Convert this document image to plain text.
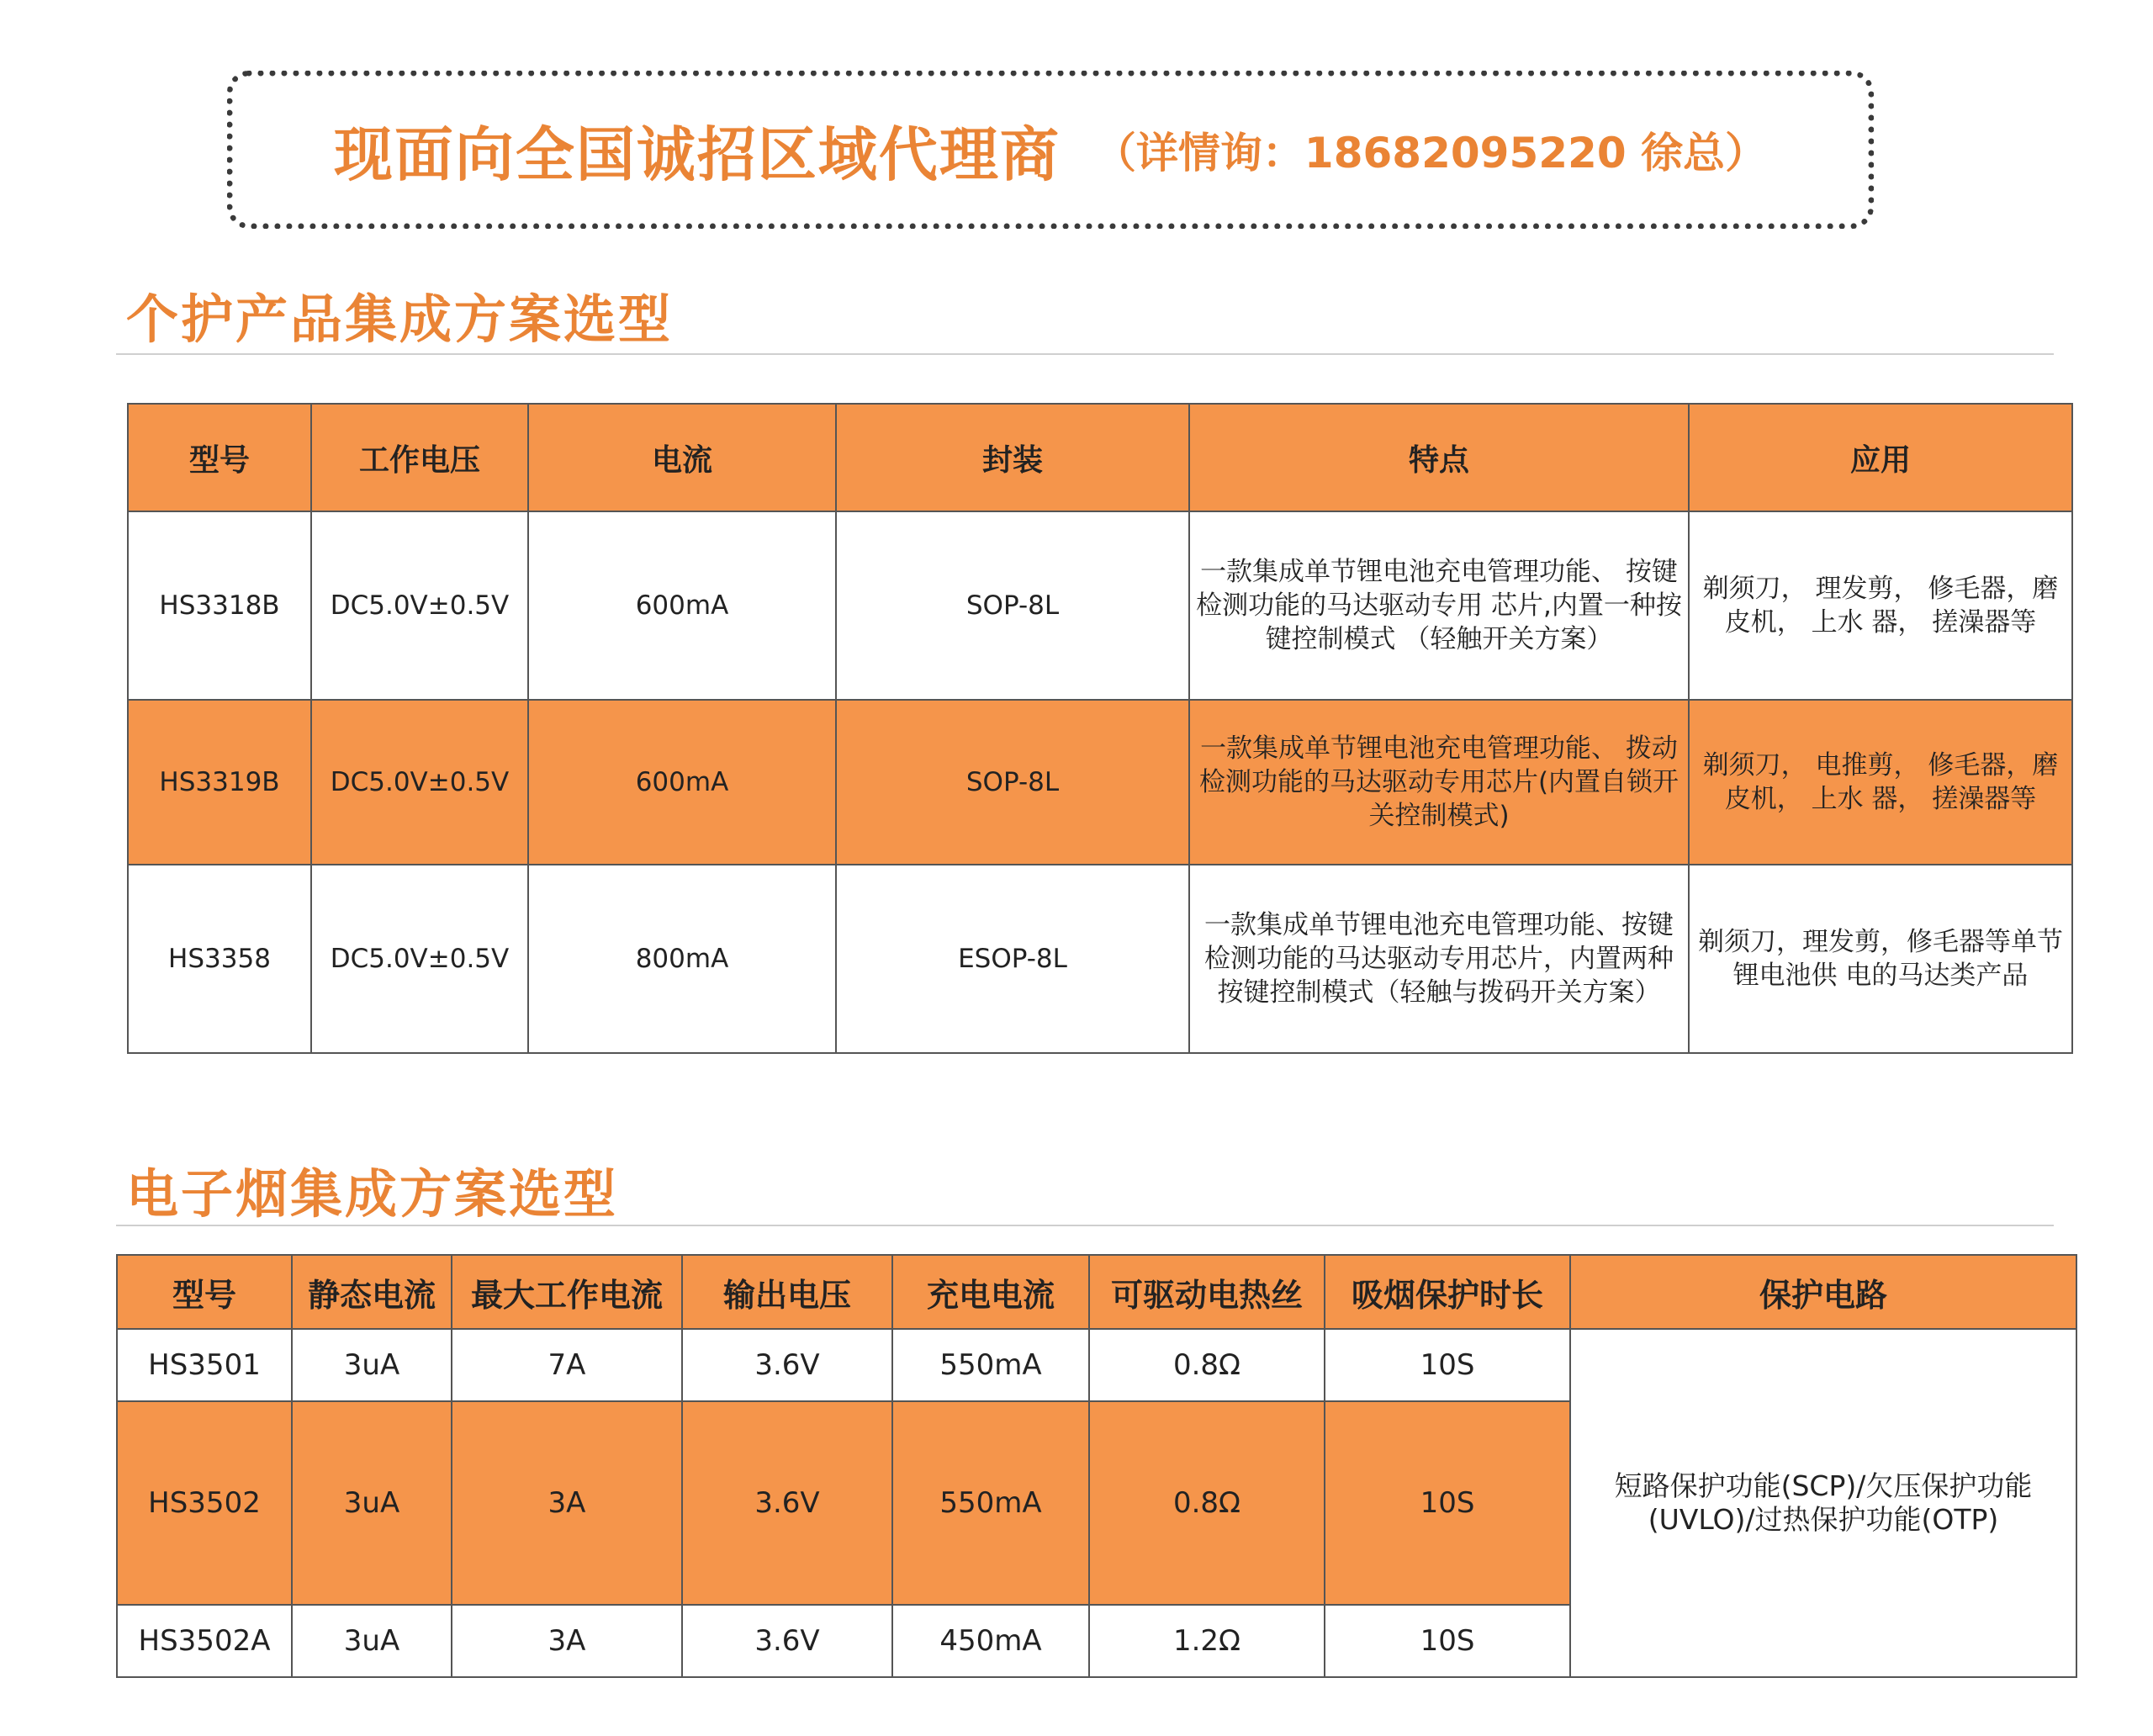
现面向全国诚招区域代理商 （详情询：18682095220 徐总）
个护产品集成方案选型
型号	工作电压	电流	封装	特点	应用
HS3318B	DC5.0V±0.5V	600mA	SOP-8L	一款集成单节锂电池充电管理功能、 按键检测功能的马达驱动专用 芯片,内置一种按键控制模式 （轻触开关方案）	剃须刀， 理发剪， 修毛器，磨皮机， 上水 器， 搓澡器等
HS3319B	DC5.0V±0.5V	600mA	SOP-8L	一款集成单节锂电池充电管理功能、 拨动检测功能的马达驱动专用芯片(内置自锁开关控制模式)	剃须刀， 电推剪， 修毛器，磨皮机， 上水 器， 搓澡器等
HS3358	DC5.0V±0.5V	800mA	ESOP-8L	一款集成单节锂电池充电管理功能、按键检测功能的马达驱动专用芯片，内置两种按键控制模式（轻触与拨码开关方案）	剃须刀，理发剪，修毛器等单节锂电池供 电的马达类产品
电子烟集成方案选型
型号	静态电流	最大工作电流	输出电压	充电电流	可驱动电热丝	吸烟保护时长	保护电路
HS3501	3uA	7A	3.6V	550mA	0.8Ω	10S	短路保护功能(SCP)/欠压保护功能(UVLO)/过热保护功能(OTP)
HS3502	3uA	3A	3.6V	550mA	0.8Ω	10S	
HS3502A	3uA	3A	3.6V	450mA	1.2Ω	10S	
